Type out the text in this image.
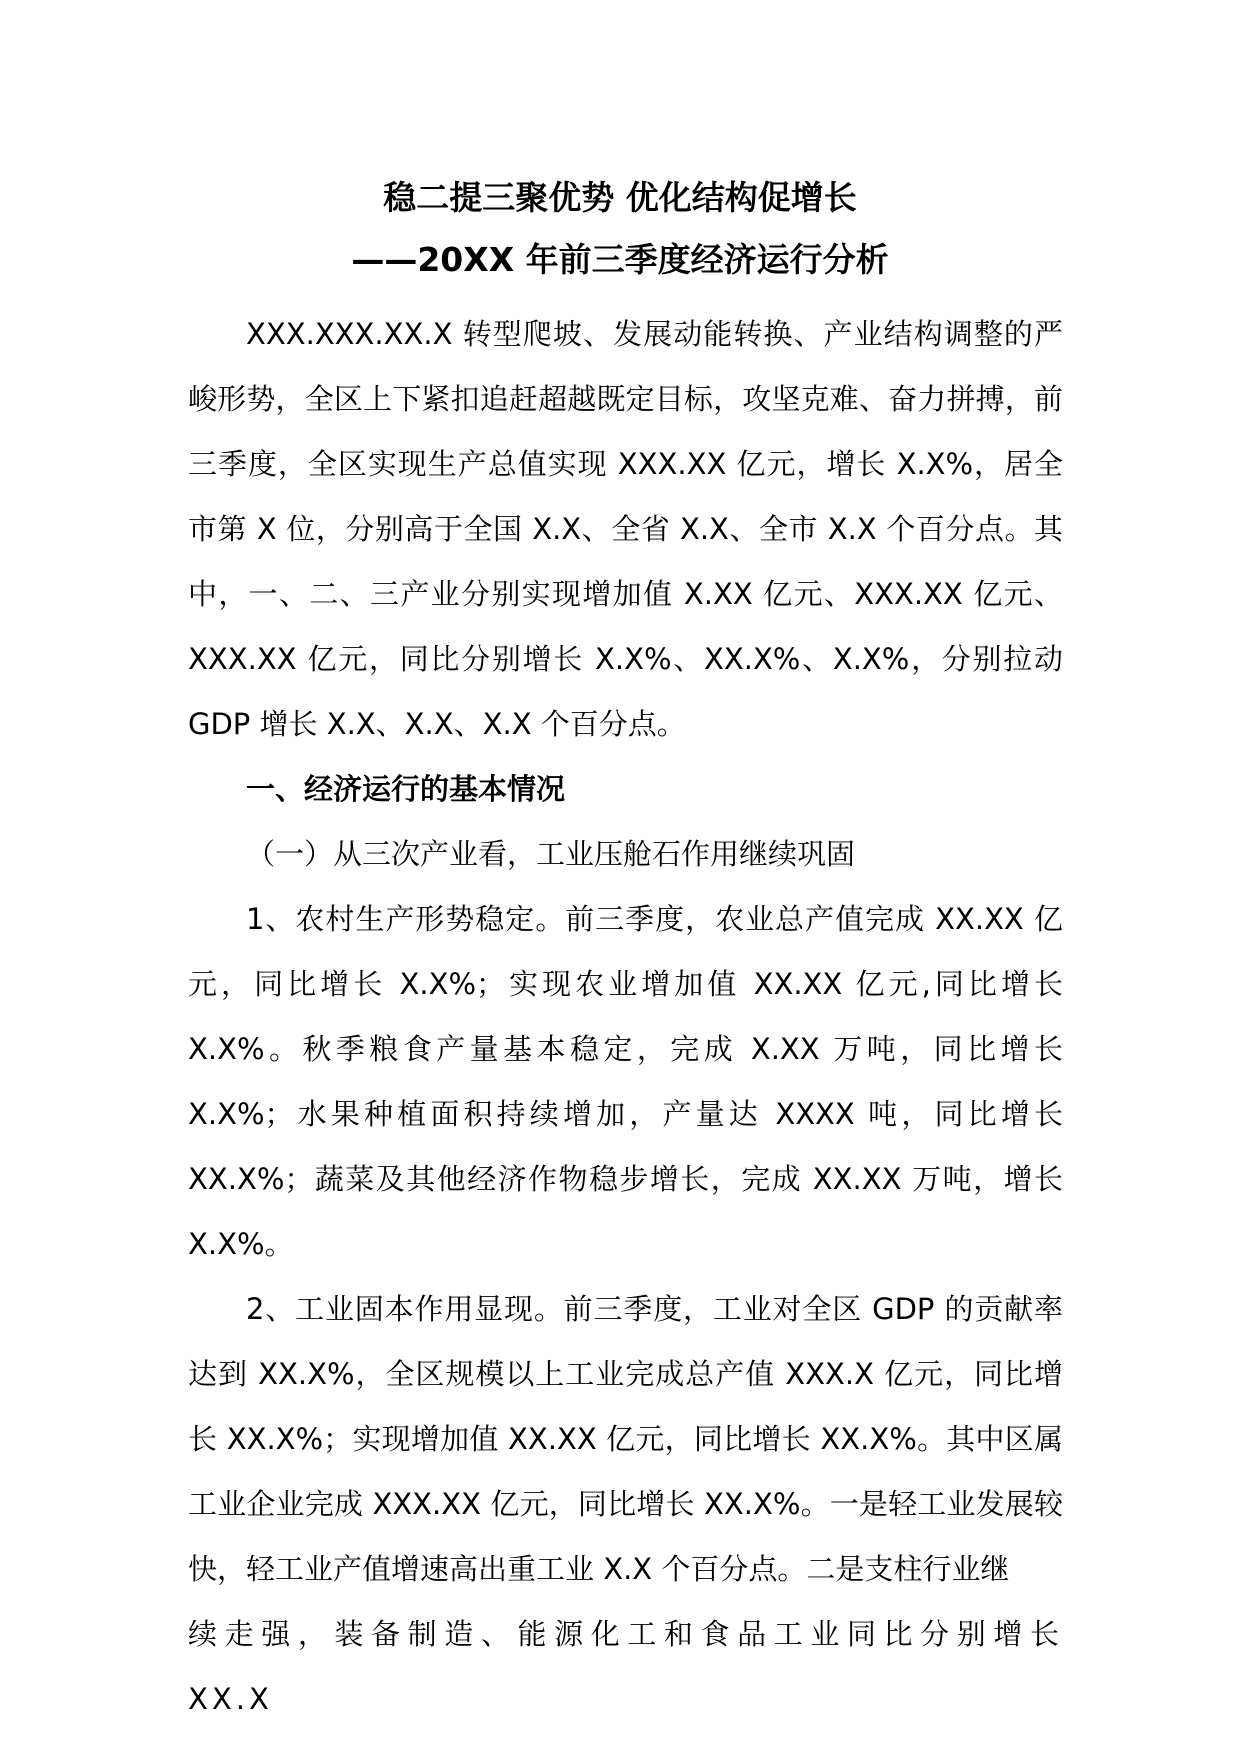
稳二提三聚优势 优化结构促增长
——20XX 年前三季度经济运行分析

XXX.XXX.XX.X 转型爬坡、发展动能转换、产业结构调整的严峻形势，全区上下紧扣追赶超越既定目标，攻坚克难、奋力拼搏，前三季度，全区实现生产总值实现 XXX.XX 亿元，增长 X.X%，居全市第 X 位，分别高于全国 X.X、全省 X.X、全市 X.X 个百分点。其中，一、二、三产业分别实现增加值 X.XX 亿元、XXX.XX 亿元、XXX.XX 亿元，同比分别增长 X.X%、XX.X%、X.X%，分别拉动 GDP 增长 X.X、X.X、X.X 个百分点。

一、经济运行的基本情况

（一）从三次产业看，工业压舱石作用继续巩固

1、农村生产形势稳定。前三季度，农业总产值完成 XX.XX 亿元，同比增长 X.X%；实现农业增加值 XX.XX 亿元,同比增长 X.X%。秋季粮食产量基本稳定，完成 X.XX 万吨，同比增长 X.X%；水果种植面积持续增加，产量达 XXXX 吨，同比增长 XX.X%；蔬菜及其他经济作物稳步增长，完成 XX.XX 万吨，增长 X.X%。

2、工业固本作用显现。前三季度，工业对全区 GDP 的贡献率达到 XX.X%，全区规模以上工业完成总产值 XXX.X 亿元，同比增长 XX.X%；实现增加值 XX.XX 亿元，同比增长 XX.X%。其中区属工业企业完成 XXX.XX 亿元，同比增长 XX.X%。一是轻工业发展较快，轻工业产值增速高出重工业 X.X 个百分点。二是支柱行业继

续走强，装备制造、能源化工和食品工业同比分别增长 XX.X
